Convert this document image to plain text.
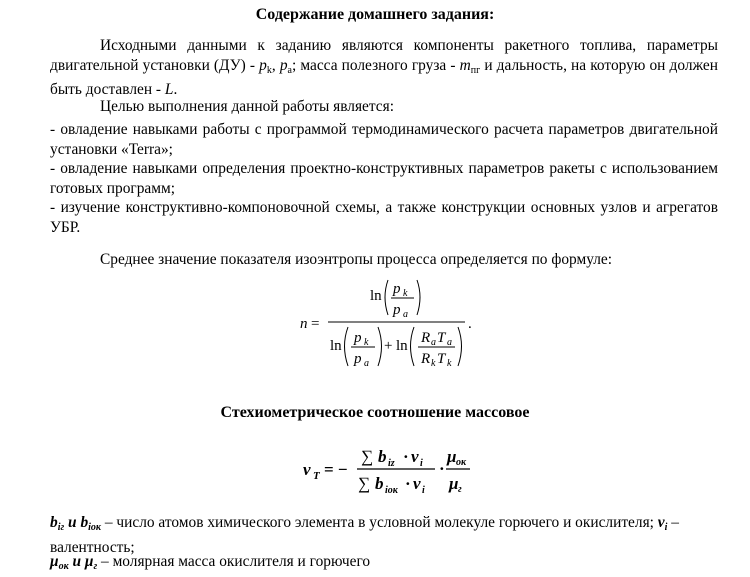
Содержание домашнего задания:
Исходными данными к заданию являются компоненты ракетного топлива, параметры двигательной установки $(ДУ) - p_k$, $p_a$; масса полезного груза - $m_{пг}$ и дальность, на которую он должен быть доставлен - L.
Целью выполнения данной работы является:
- овладение навыками работы с программой термодинамического расчета параметров двигательной установки «Terra»;
- овладение навыками определения проектно-конструктивных параметров ракеты с использованием готовых программ;
- изучение конструктивно-компоновочной схемы, а также конструкции основных узлов и агрегатов УБР.
Среднее значение показателя изоэнтропы процесса определяется по формуле:
n =
ln p k
p a
ln p k
p a
+ ln R a T a
R k T k
.
Стехиометрическое соотношение массовое
ν T = −
∑ b iz · v i
∑ b iок · v i
·
μ ок
μ г
$b_{iг}$ и $b_{iок}$ – число атомов химического элемента в условной молекуле горючего и окислителя; $v_i$ – валентность;
$\mu_{ок}$ и $\mu_г$ – молярная масса окислителя и горючего
